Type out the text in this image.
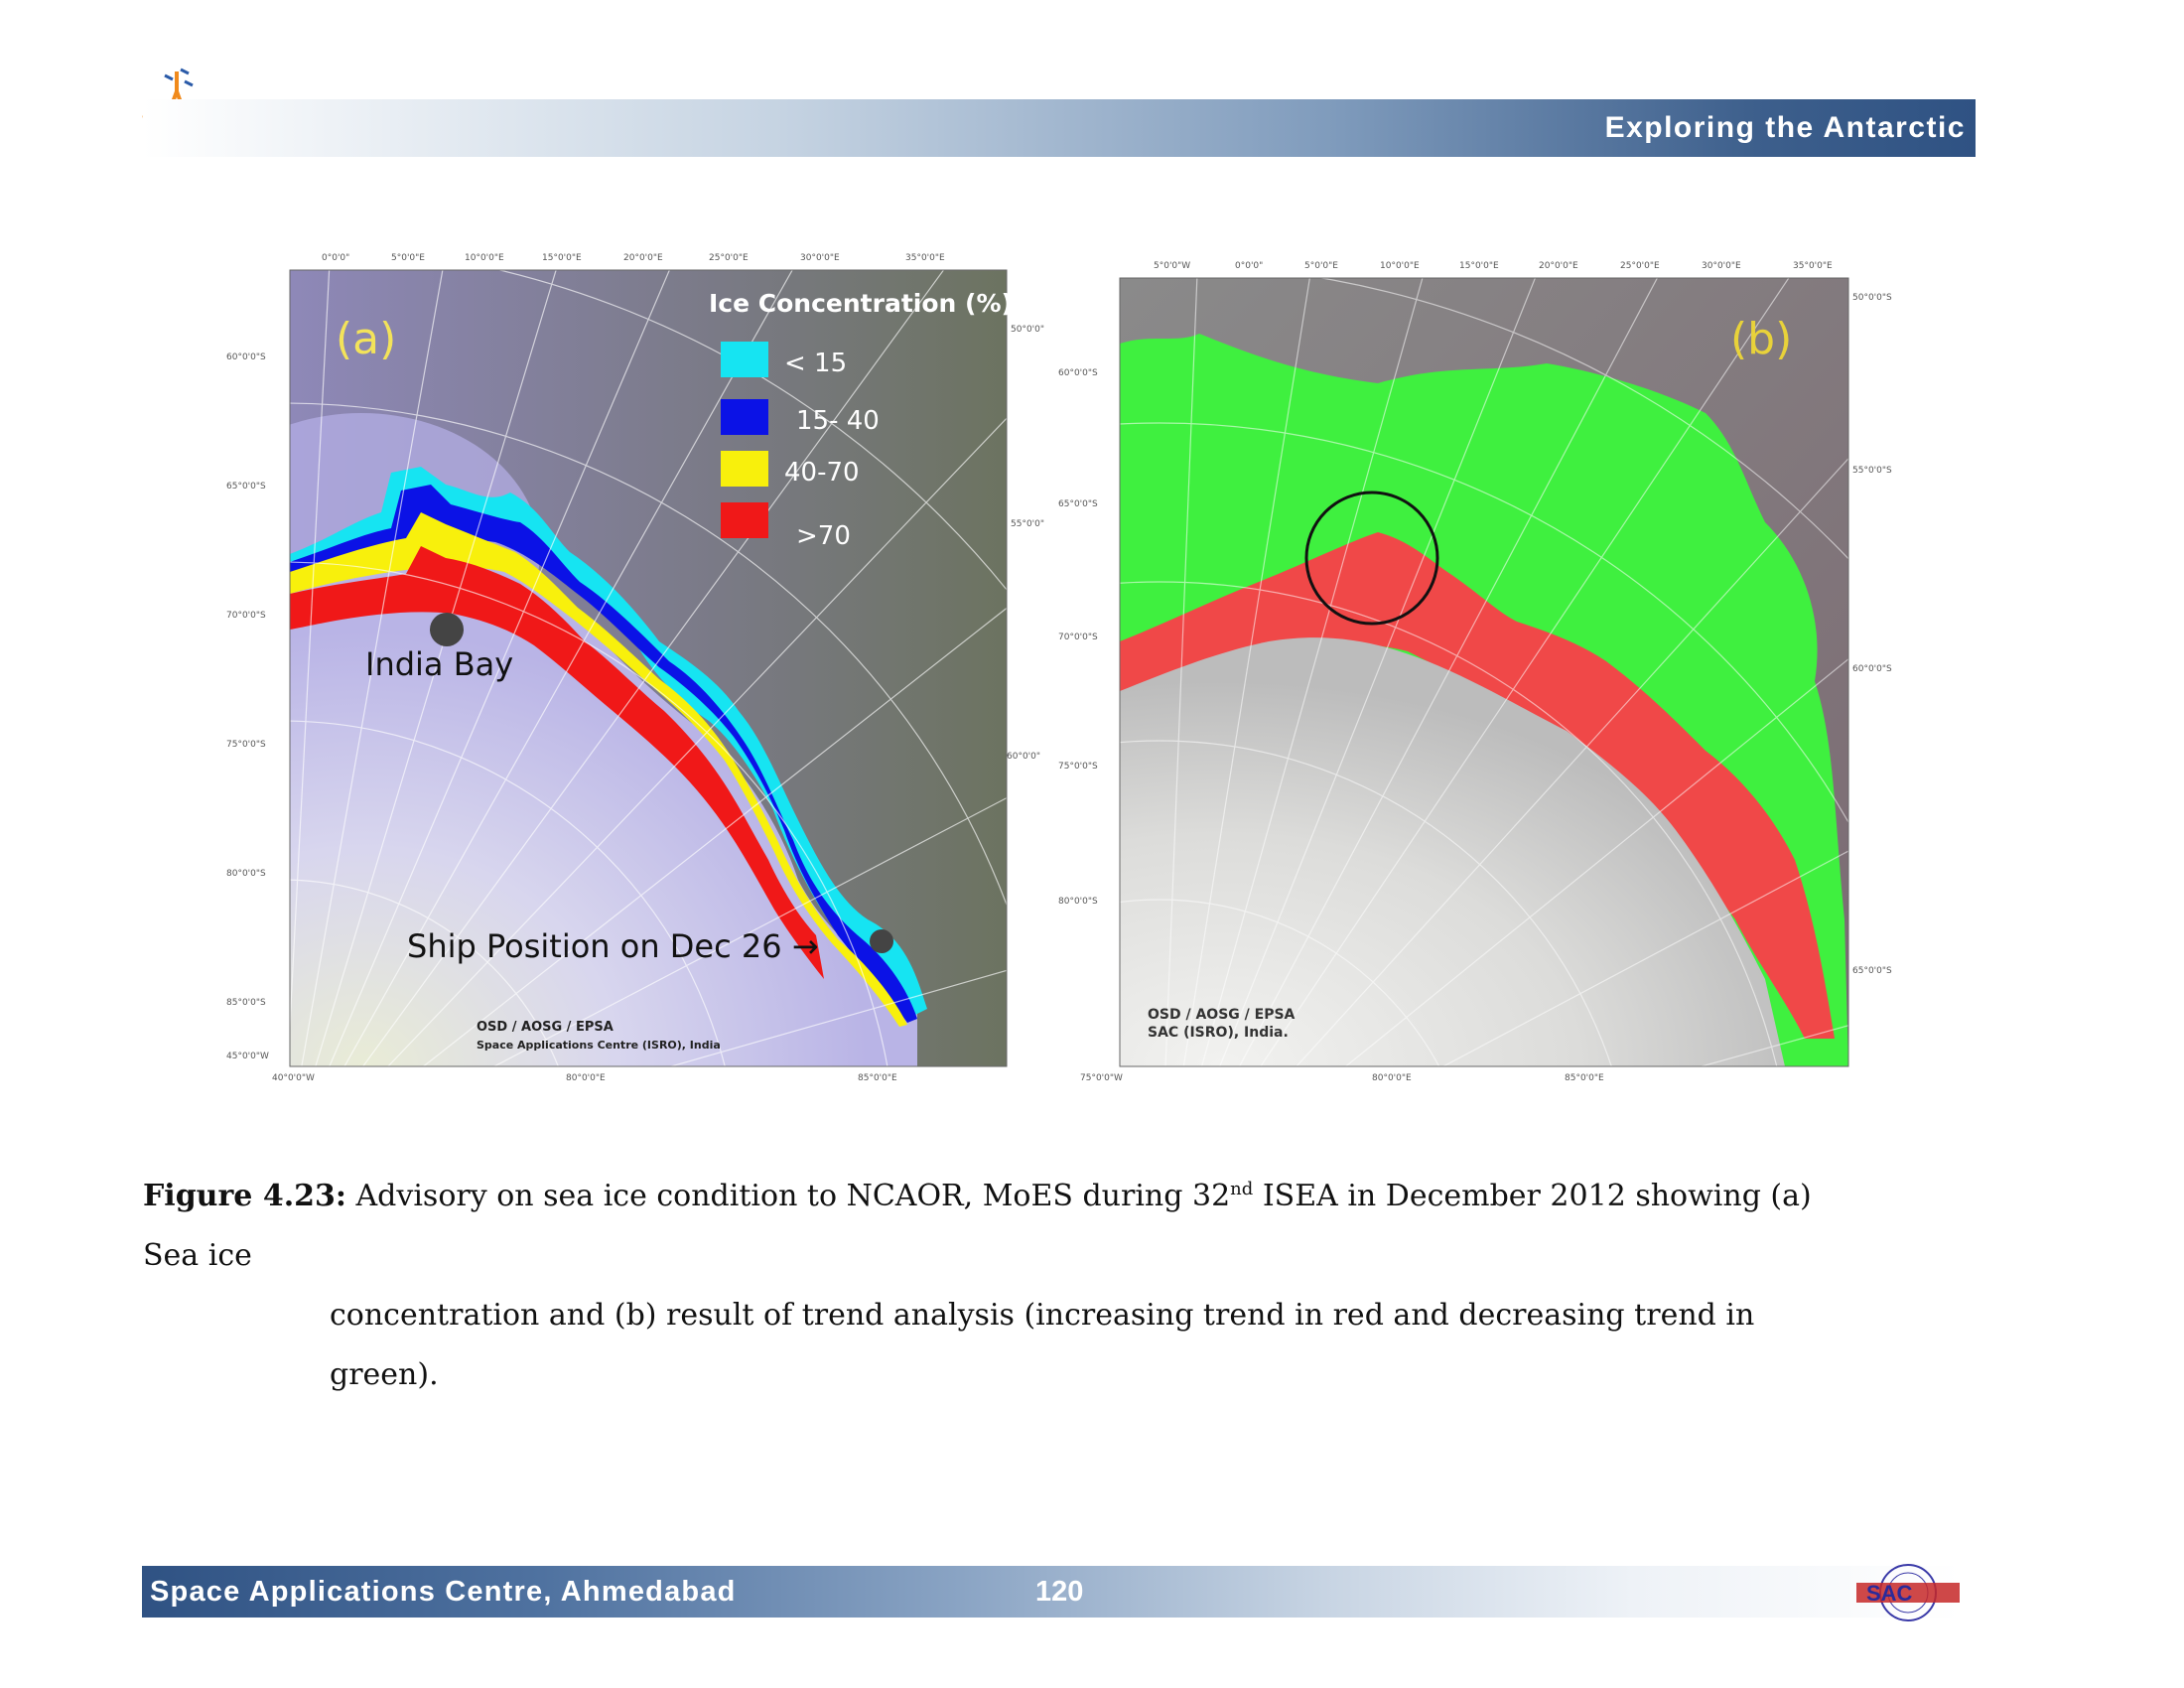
Exploring the Antarctic
(a)
Ice Concentration (%)
< 15
15- 40
40-70
>70
India Bay
Ship Position on Dec 26 →
OSD / AOSG / EPSA
Space Applications Centre (ISRO), India
0°0'0"	5°0'0"E	10°0'0"E	15°0'0"E	20°0'0"E	25°0'0"E	30°0'0"E	35°0'0"E
60°0'0"S
65°0'0"S
70°0'0"S
75°0'0"S
80°0'0"S
85°0'0"S
45°0'0"W
50°0'0"
55°0'0"
60°0'0"
40°0'0"W	80°0'0"E	85°0'0"E
(b)
OSD / AOSG / EPSA
SAC (ISRO), India.
5°0'0"W	0°0'0"	5°0'0"E	10°0'0"E	15°0'0"E	20°0'0"E	25°0'0"E	30°0'0"E	35°0'0"E
60°0'0"S
65°0'0"S
70°0'0"S
75°0'0"S
80°0'0"S
50°0'0"S
55°0'0"S
60°0'0"S
65°0'0"S
75°0'0"W	80°0'0"E	85°0'0"E
Figure 4.23: Advisory on sea ice condition to NCAOR, MoES during 32nd ISEA in December 2012 showing (a) Sea ice
concentration and (b) result of trend analysis (increasing trend in red and decreasing trend in green).
Space Applications Centre, Ahmedabad	120	SAC
